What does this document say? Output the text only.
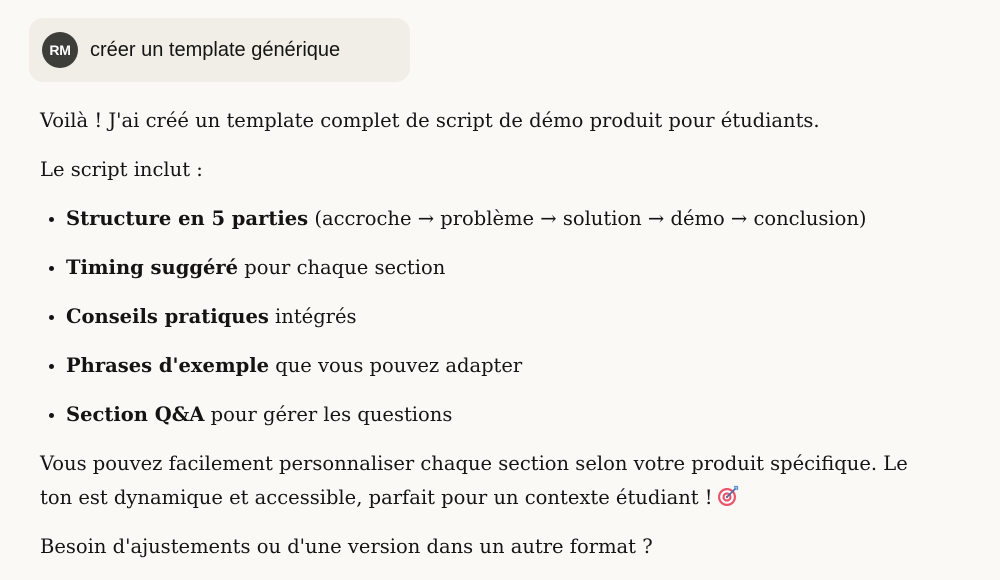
RM créer un template générique

Voilà ! J'ai créé un template complet de script de démo produit pour étudiants.

Le script inclut :

• Structure en 5 parties (accroche → problème → solution → démo → conclusion)
• Timing suggéré pour chaque section
• Conseils pratiques intégrés
• Phrases d'exemple que vous pouvez adapter
• Section Q&A pour gérer les questions

Vous pouvez facilement personnaliser chaque section selon votre produit spécifique. Le ton est dynamique et accessible, parfait pour un contexte étudiant !

Besoin d'ajustements ou d'une version dans un autre format ?
